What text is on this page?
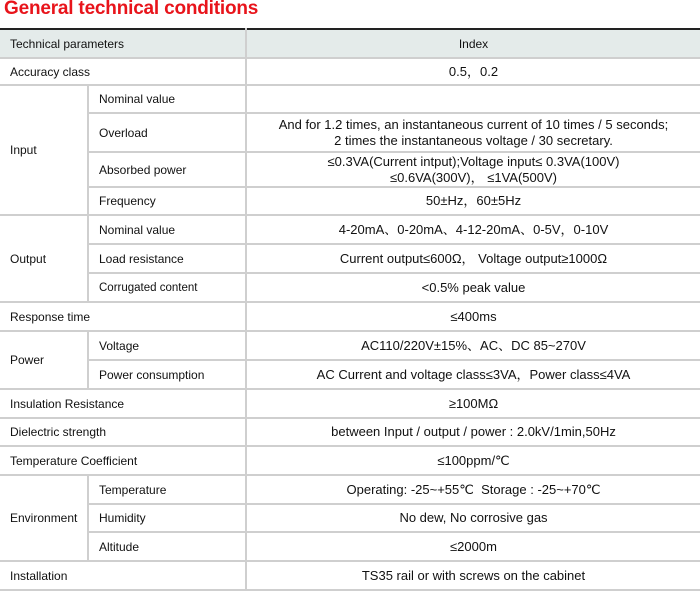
General technical conditions
Technical parameters		Index
Accuracy class		0.5，0.2
Input	Nominal value	
	Overload	And for 1.2 times, an instantaneous current of 10 times / 5 seconds;
2 times the instantaneous voltage / 30 secretary.

	Absorbed power	≤0.3VA(Current intput);Voltage input≤ 0.3VA(100V)
≤0.6VA(300V)， ≤1VA(500V)

	Frequency	50±Hz，60±5Hz
Output	Nominal value	4-20mA、0-20mA、4-12-20mA、0-5V，0-10V
	Load resistance	Current output≤600Ω， Voltage output≥1000Ω
	Corrugated content	<0.5% peak value
Response time		≤400ms
Power	Voltage	AC110/220V±15%、AC、DC 85~270V
	Power consumption	AC Current and voltage class≤3VA，Power class≤4VA
Insulation Resistance		≥100MΩ
Dielectric strength		between Input / output / power : 2.0kV/1min,50Hz
Temperature Coefficient		≤100ppm/℃
Environment	Temperature	Operating: -25~+55℃  Storage : -25~+70℃
	Humidity	No dew, No corrosive gas
	Altitude	≤2000m
Installation		TS35 rail or with screws on the cabinet
